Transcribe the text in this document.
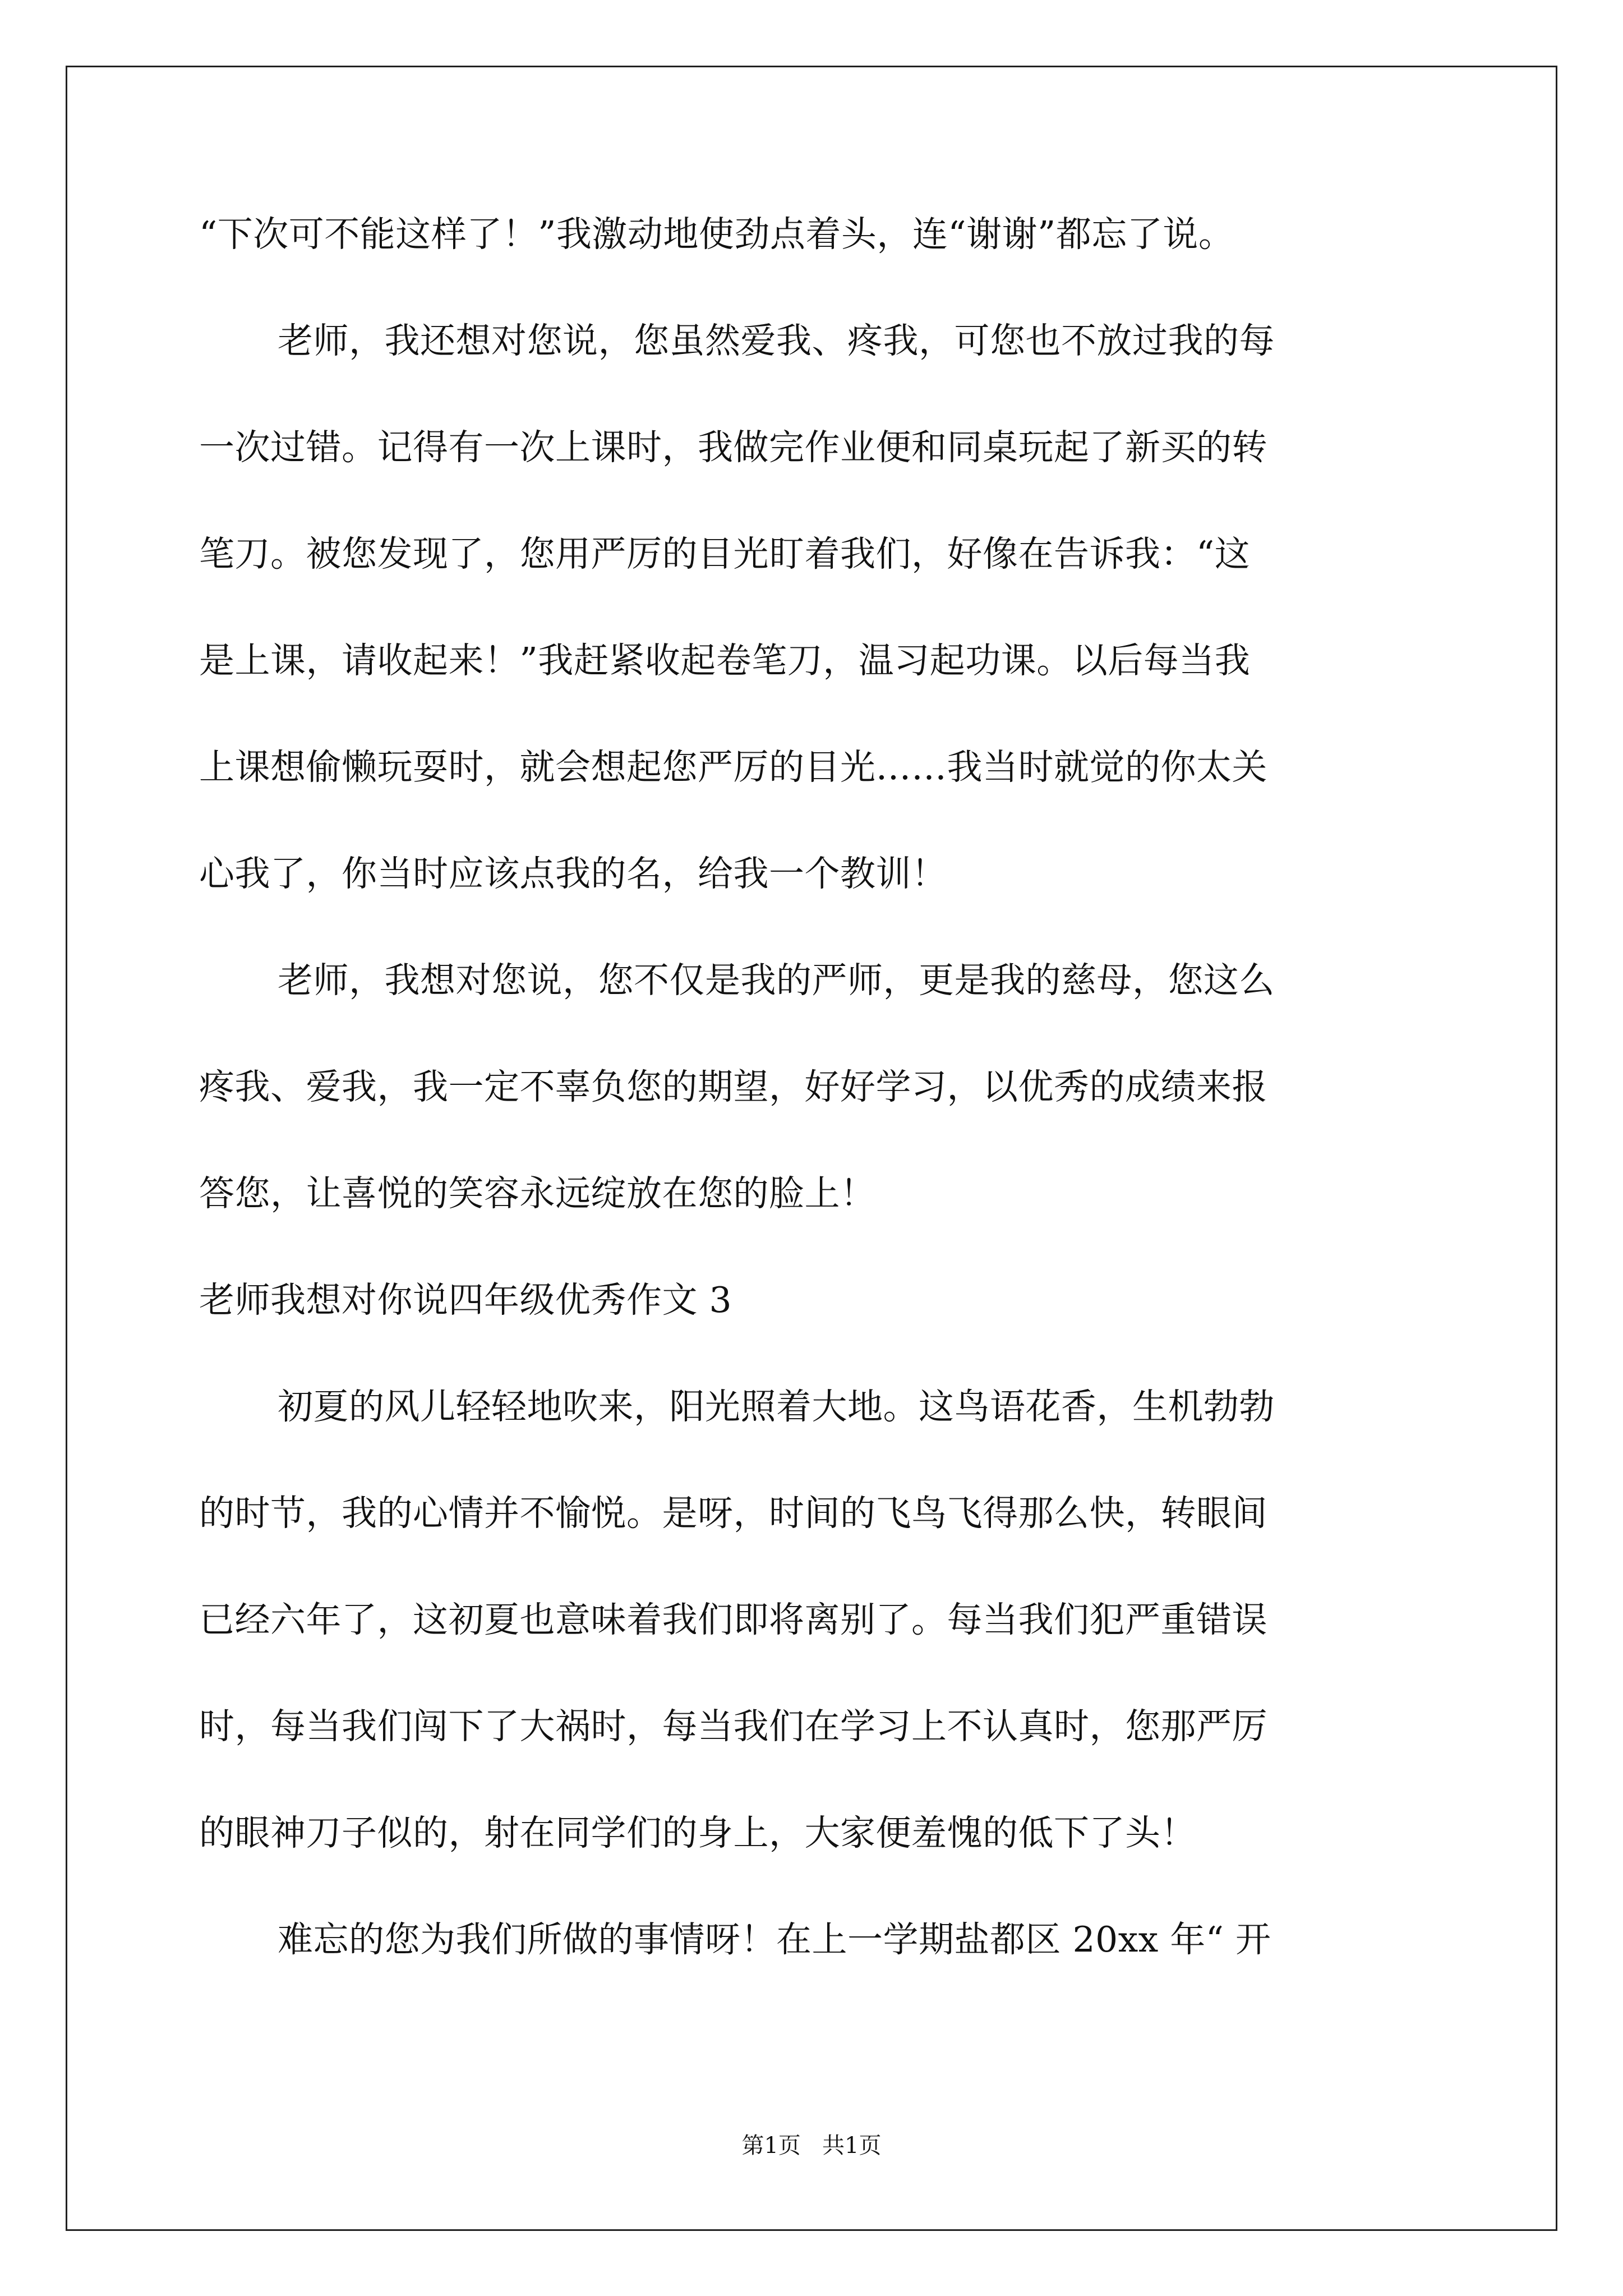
“下次可不能这样了！”我激动地使劲点着头，连“谢谢”都忘了说。
老师，我还想对您说，您虽然爱我、疼我，可您也不放过我的每
一次过错。记得有一次上课时，我做完作业便和同桌玩起了新买的转
笔刀。被您发现了，您用严厉的目光盯着我们，好像在告诉我：“这
是上课，请收起来！”我赶紧收起卷笔刀，温习起功课。以后每当我
上课想偷懒玩耍时，就会想起您严厉的目光……我当时就觉的你太关
心我了，你当时应该点我的名，给我一个教训！
老师，我想对您说，您不仅是我的严师，更是我的慈母，您这么
疼我、爱我，我一定不辜负您的期望，好好学习，以优秀的成绩来报
答您，让喜悦的笑容永远绽放在您的脸上！
老师我想对你说四年级优秀作文 3
初夏的风儿轻轻地吹来，阳光照着大地。这鸟语花香，生机勃勃
的时节，我的心情并不愉悦。是呀，时间的飞鸟飞得那么快，转眼间
已经六年了，这初夏也意味着我们即将离别了。每当我们犯严重错误
时，每当我们闯下了大祸时，每当我们在学习上不认真时，您那严厉
的眼神刀子似的，射在同学们的身上，大家便羞愧的低下了头！
难忘的您为我们所做的事情呀！在上一学期盐都区 20xx 年“ 开
第1页   共1页
